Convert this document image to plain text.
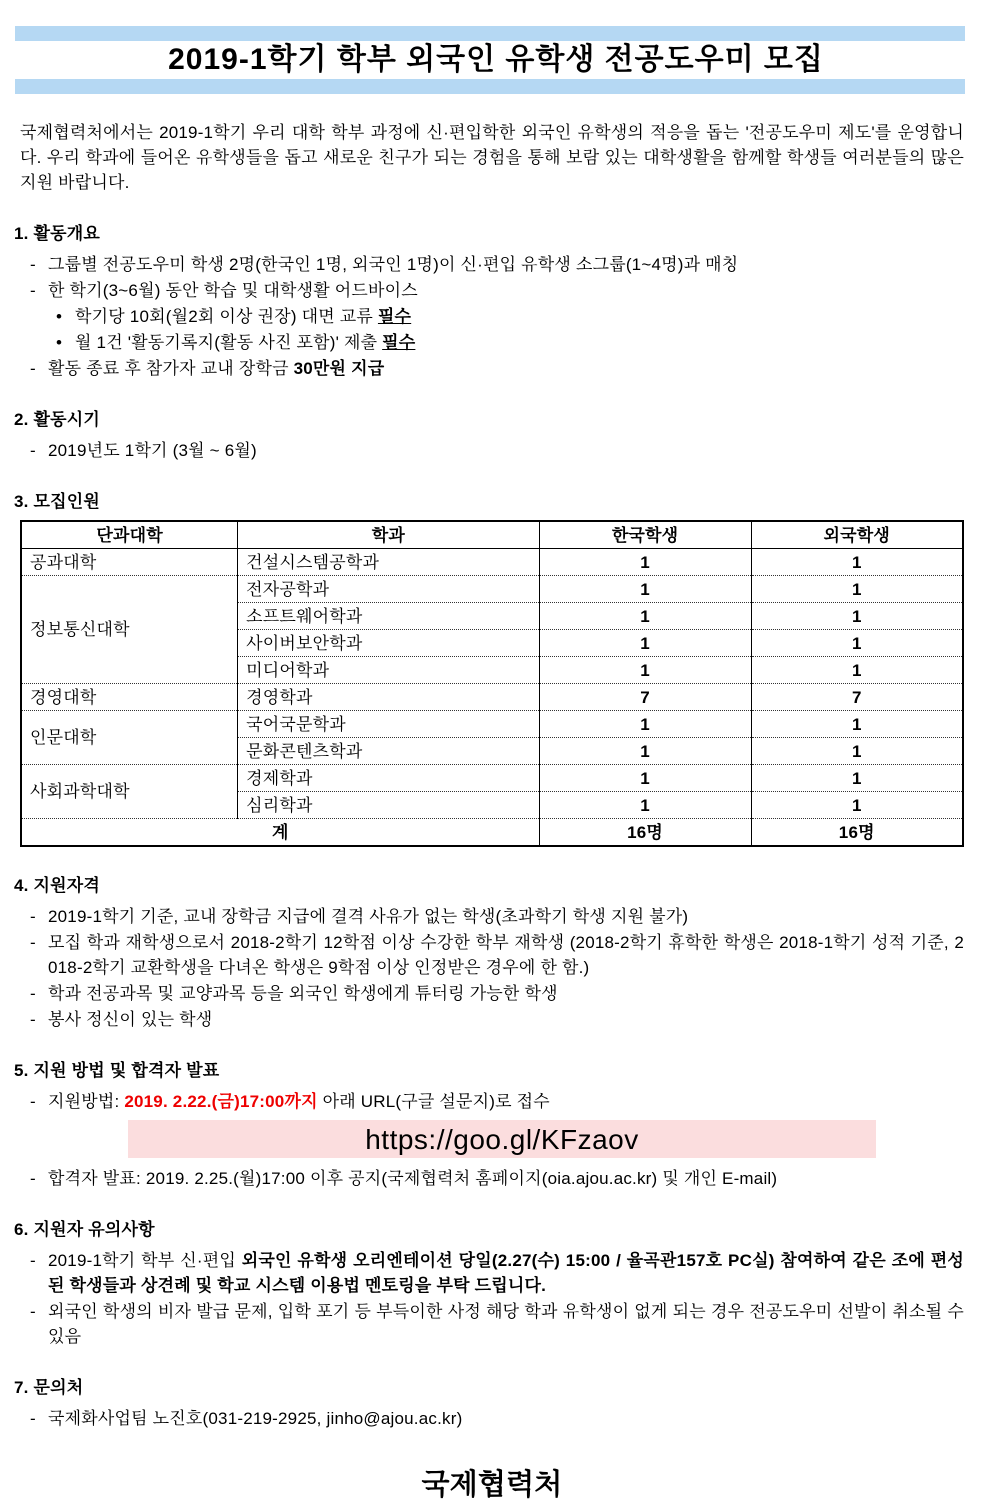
2019-1학기 학부 외국인 유학생 전공도우미 모집

국제협력처에서는 2019-1학기 우리 대학 학부 과정에 신·편입학한 외국인 유학생의 적응을 돕는 '전공도우미 제도'를 운영합니다. 우리 학과에 들어온 유학생들을 돕고 새로운 친구가 되는 경험을 통해 보람 있는 대학생활을 함께할 학생들 여러분들의 많은 지원 바랍니다.

1. 활동개요
- 그룹별 전공도우미 학생 2명(한국인 1명, 외국인 1명)이 신·편입 유학생 소그룹(1~4명)과 매칭
- 한 학기(3~6월) 동안 학습 및 대학생활 어드바이스
• 학기당 10회(월2회 이상 권장) 대면 교류 필수
• 월 1건 '활동기록지(활동 사진 포함)' 제출 필수
- 활동 종료 후 참가자 교내 장학금 30만원 지급
2. 활동시기
- 2019년도 1학기 (3월 ~ 6월)
3. 모집인원
단과대학	학과	한국학생	외국학생
공과대학	건설시스템공학과	1	1
정보통신대학	전자공학과	1	1
	소프트웨어학과	1	1
	사이버보안학과	1	1
	미디어학과	1	1
경영대학	경영학과	7	7
인문대학	국어국문학과	1	1
	문화콘텐츠학과	1	1
사회과학대학	경제학과	1	1
	심리학과	1	1
계		16명	16명
4. 지원자격
- 2019-1학기 기준, 교내 장학금 지급에 결격 사유가 없는 학생(초과학기 학생 지원 불가)
- 모집 학과 재학생으로서 2018-2학기 12학점 이상 수강한 학부 재학생 (2018-2학기 휴학한 학생은 2018-1학기 성적 기준, 2018-2학기 교환학생을 다녀온 학생은 9학점 이상 인정받은 경우에 한 함.)
- 학과 전공과목 및 교양과목 등을 외국인 학생에게 튜터링 가능한 학생
- 봉사 정신이 있는 학생
5. 지원 방법 및 합격자 발표
- 지원방법: 2019. 2.22.(금)17:00까지 아래 URL(구글 설문지)로 접수
https://goo.gl/KFzaov
- 합격자 발표: 2019. 2.25.(월)17:00 이후 공지(국제협력처 홈페이지(oia.ajou.ac.kr) 및 개인 E-mail)
6. 지원자 유의사항
- 2019-1학기 학부 신·편입 외국인 유학생 오리엔테이션 당일(2.27(수) 15:00 / 율곡관157호 PC실) 참여하여 같은 조에 편성된 학생들과 상견례 및 학교 시스템 이용법 멘토링을 부탁 드립니다.
- 외국인 학생의 비자 발급 문제, 입학 포기 등 부득이한 사정 해당 학과 유학생이 없게 되는 경우 전공도우미 선발이 취소될 수 있음
7. 문의처
- 국제화사업팀 노진호(031-219-2925, jinho@ajou.ac.kr)
국제협력처
